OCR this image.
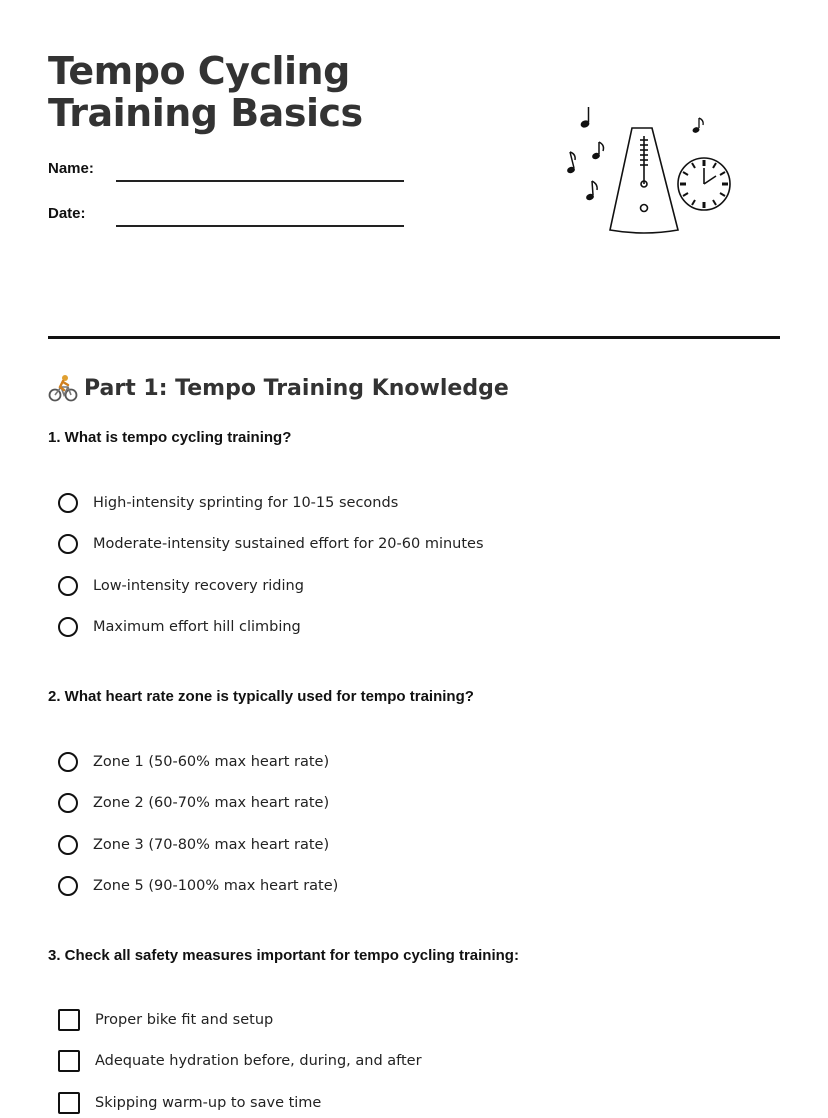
Tempo Cycling Training Basics
Name:
Date:
Part 1: Tempo Training Knowledge

1. What is tempo cycling training?

High-intensity sprinting for 10-15 seconds
Moderate-intensity sustained effort for 20-60 minutes
Low-intensity recovery riding
Maximum effort hill climbing

2. What heart rate zone is typically used for tempo training?

Zone 1 (50-60% max heart rate)
Zone 2 (60-70% max heart rate)
Zone 3 (70-80% max heart rate)
Zone 5 (90-100% max heart rate)

3. Check all safety measures important for tempo cycling training:

Proper bike fit and setup
Adequate hydration before, during, and after
Skipping warm-up to save time
